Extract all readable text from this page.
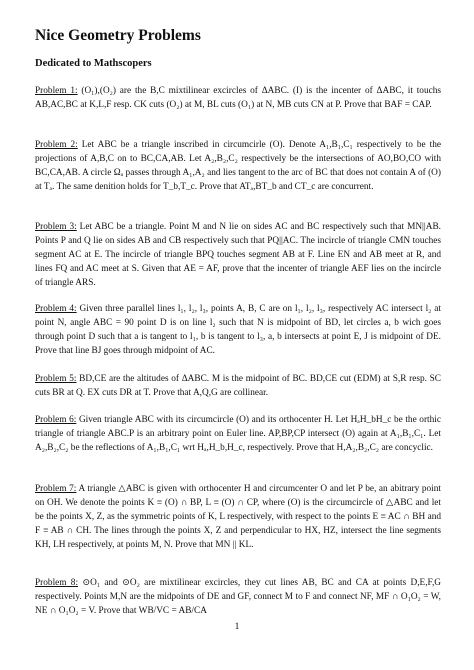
Nice Geometry Problems
Dedicated to Mathscopers
Problem 1: (O₁),(O₂) are the B,C mixtilinear excircles of ΔABC. (I) is the incenter of ΔABC, it touchs AB,AC,BC at K,L,F resp. CK cuts (O₂) at M, BL cuts (O₁) at N, MB cuts CN at P. Prove that BAF = CAP.
Problem 2: Let ABC be a triangle inscribed in circumcirle (O). Denote A₁,B₁,C₁ respectively to be the projections of A,B,C on to BC,CA,AB. Let A₂,B₂,C₂ respectively be the intersections of AO,BO,CO with BC,CA,AB. A circle Ωₐ passes through A₁,A₂ and lies tangent to the arc of BC that does not contain A of (O) at Tₐ. The same denition holds for T_b,T_c. Prove that ATₐ,BT_b and CT_c are concurrent.
Problem 3: Let ABC be a triangle. Point M and N lie on sides AC and BC respectively such that MN||AB. Points P and Q lie on sides AB and CB respectively such that PQ||AC. The incircle of triangle CMN touches segment AC at E. The incircle of triangle BPQ touches segment AB at F. Line EN and AB meet at R, and lines FQ and AC meet at S. Given that AE = AF, prove that the incenter of triangle AEF lies on the incircle of triangle ARS.
Problem 4: Given three parallel lines l₁, l₂, l₃, points A, B, C are on l₁, l₂, l₃, respectively AC intersect l₂ at point N, angle ABC = 90 point D is on line l₂ such that N is midpoint of BD, let circles a, b wich goes through point D such that a is tangent to l₁, b is tangent to l₃, a, b intersects at point E, J is midpoint of DE. Prove that line BJ goes through midpoint of AC.
Problem 5: BD,CE are the altitudes of ΔABC. M is the midpoint of BC. BD,CE cut (EDM) at S,R resp. SC cuts BR at Q. EX cuts DR at T. Prove that A,Q,G are collinear.
Problem 6: Given triangle ABC with its circumcircle (O) and its orthocenter H. Let HₐH_bH_c be the orthic triangle of triangle ABC.P is an arbitrary point on Euler line. AP,BP,CP intersect (O) again at A₁,B₁,C₁. Let A₂,B₂,C₂ be the reflections of A₁,B₁,C₁ wrt Hₐ,H_b,H_c, respectively. Prove that H,A₂,B₂,C₂ are concyclic.
Problem 7: A triangle △ABC is given with orthocenter H and circumcenter O and let P be, an abitrary point on OH. We denote the points K ≡ (O) ∩ BP, L ≡ (O) ∩ CP, where (O) is the circumcircle of △ABC and let be the points X, Z, as the symmetric points of K, L respectively, with respect to the points E ≡ AC ∩ BH and F ≡ AB ∩ CH. The lines through the points X, Z and perpendicular to HX, HZ, intersect the line segments KH, LH respectively, at points M, N. Prove that MN || KL.
Problem 8: ⊙O₁ and ⊙O₂ are mixtilinear excircles, they cut lines AB, BC and CA at points D,E,F,G respectively. Points M,N are the midpoints of DE and GF, connect M to F and connect NF, MF ∩ O₁O₂ = W, NE ∩ O₁O₂ = V. Prove that WB/VC = AB/CA
1
